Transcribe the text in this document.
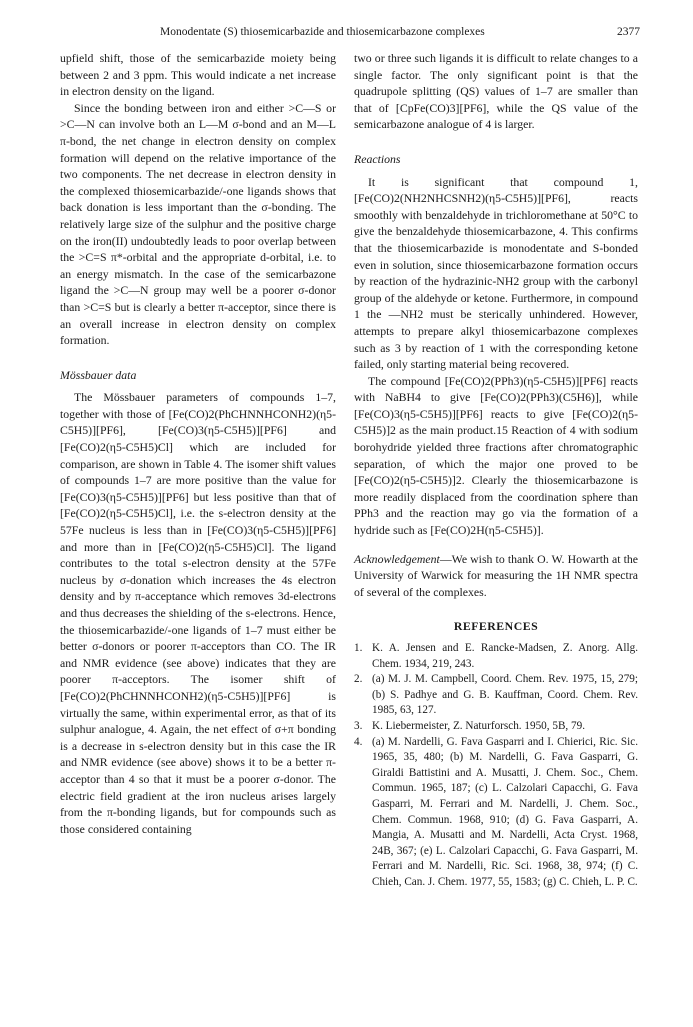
Monodentate (S) thiosemicarbazide and thiosemicarbazone complexes	2377

upfield shift, those of the semicarbazide moiety being between 2 and 3 ppm. This would indicate a net increase in electron density on the ligand.

Since the bonding between iron and either >C—S or >C—N can involve both an L—M σ-bond and an M—L π-bond, the net change in electron density on complex formation will depend on the relative importance of the two components. The net decrease in electron density in the complexed thiosemicarbazide/-one ligands shows that back donation is less important than the σ-bonding. The relatively large size of the sulphur and the positive charge on the iron(II) undoubtedly leads to poor overlap between the >C=S π*-orbital and the appropriate d-orbital, i.e. to an energy mismatch. In the case of the semicarbazone ligand the >C—N group may well be a poorer σ-donor than >C=S but is clearly a better π-acceptor, since there is an overall increase in electron density on complex formation.

Mössbauer data

The Mössbauer parameters of compounds 1–7, together with those of [Fe(CO)2(PhCHNNHCONH2)(η5-C5H5)][PF6], [Fe(CO)3(η5-C5H5)][PF6] and [Fe(CO)2(η5-C5H5)Cl] which are included for comparison, are shown in Table 4. The isomer shift values of compounds 1–7 are more positive than the value for [Fe(CO)3(η5-C5H5)][PF6] but less positive than that of [Fe(CO)2(η5-C5H5)Cl], i.e. the s-electron density at the 57Fe nucleus is less than in [Fe(CO)3(η5-C5H5)][PF6] and more than in [Fe(CO)2(η5-C5H5)Cl]. The ligand contributes to the total s-electron density at the 57Fe nucleus by σ-donation which increases the 4s electron density and by π-acceptance which removes 3d-electrons and thus decreases the shielding of the s-electrons. Hence, the thiosemicarbazide/-one ligands of 1–7 must either be better σ-donors or poorer π-acceptors than CO. The IR and NMR evidence (see above) indicates that they are poorer π-acceptors. The isomer shift of [Fe(CO)2(PhCHNNHCONH2)(η5-C5H5)][PF6] is virtually the same, within experimental error, as that of its sulphur analogue, 4. Again, the net effect of σ+π bonding is a decrease in s-electron density but in this case the IR and NMR evidence (see above) shows it to be a better π-acceptor than 4 so that it must be a poorer σ-donor. The electric field gradient at the iron nucleus arises largely from the π-bonding ligands, but for compounds such as those considered containing

two or three such ligands it is difficult to relate changes to a single factor. The only significant point is that the quadrupole splitting (QS) values of 1–7 are smaller than that of [CpFe(CO)3][PF6], while the QS value of the semicarbazone analogue of 4 is larger.

Reactions

It is significant that compound 1, [Fe(CO)2(NH2NHCSNH2)(η5-C5H5)][PF6], reacts smoothly with benzaldehyde in trichloromethane at 50°C to give the benzaldehyde thiosemicarbazone, 4. This confirms that the thiosemicarbazide is monodentate and S-bonded even in solution, since thiosemicarbazone formation occurs by reaction of the hydrazinic-NH2 group with the carbonyl group of the aldehyde or ketone. Furthermore, in compound 1 the —NH2 must be sterically unhindered. However, attempts to prepare alkyl thiosemicarbazone complexes such as 3 by reaction of 1 with the corresponding ketone failed, only starting material being recovered.

The compound [Fe(CO)2(PPh3)(η5-C5H5)][PF6] reacts with NaBH4 to give [Fe(CO)2(PPh3)(C5H6)], while [Fe(CO)3(η5-C5H5)][PF6] reacts to give [Fe(CO)2(η5-C5H5)]2 as the main product.15 Reaction of 4 with sodium borohydride yielded three fractions after chromatographic separation, of which the major one proved to be [Fe(CO)2(η5-C5H5)]2. Clearly the thiosemicarbazone is more readily displaced from the coordination sphere than PPh3 and the reaction may go via the formation of a hydride such as [Fe(CO)2H(η5-C5H5)].

Acknowledgement—We wish to thank O. W. Howarth at the University of Warwick for measuring the 1H NMR spectra of several of the complexes.

REFERENCES
1. K. A. Jensen and E. Rancke-Madsen, Z. Anorg. Allg. Chem. 1934, 219, 243.
2. (a) M. J. M. Campbell, Coord. Chem. Rev. 1975, 15, 279; (b) S. Padhye and G. B. Kauffman, Coord. Chem. Rev. 1985, 63, 127.
3. K. Liebermeister, Z. Naturforsch. 1950, 5B, 79.
4. (a) M. Nardelli, G. Fava Gasparri and I. Chierici, Ric. Sic. 1965, 35, 480; (b) M. Nardelli, G. Fava Gasparri, G. Giraldi Battistini and A. Musatti, J. Chem. Soc., Chem. Commun. 1965, 187; (c) L. Calzolari Capacchi, G. Fava Gasparri, M. Ferrari and M. Nardelli, J. Chem. Soc., Chem. Commun. 1968, 910; (d) G. Fava Gasparri, A. Mangia, A. Musatti and M. Nardelli, Acta Cryst. 1968, 24B, 367; (e) L. Calzolari Capacchi, G. Fava Gasparri, M. Ferrari and M. Nardelli, Ric. Sci. 1968, 38, 974; (f) C. Chieh, Can. J. Chem. 1977, 55, 1583; (g) C. Chieh, L. P. C.
